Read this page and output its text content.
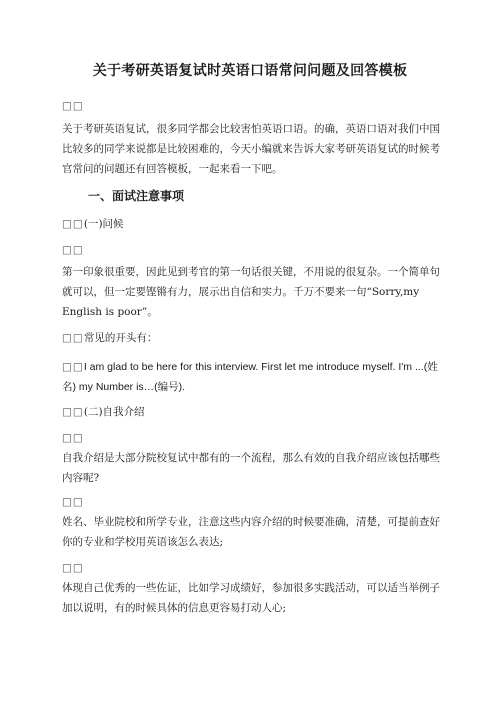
关于考研英语复试时英语口语常问问题及回答模板
□□
关于考研英语复试，很多同学都会比较害怕英语口语。的确，英语口语对我们中国比较多的同学来说都是比较困难的，今天小编就来告诉大家考研英语复试的时候考官常问的问题还有回答模板，一起来看一下吧。
一、面试注意事项
□□(一)问候
□□
第一印象很重要，因此见到考官的第一句话很关键，不用说的很复杂。一个简单句就可以，但一定要铿锵有力，展示出自信和实力。千万不要来一句“Sorry,my English is poor”。
□□常见的开头有：
□□I am glad to be here for this interview. First let me introduce myself. I'm ...(姓名) my Number is…(编号).
□□(二)自我介绍
□□
自我介绍是大部分院校复试中都有的一个流程，那么有效的自我介绍应该包括哪些内容呢?
□□
姓名、毕业院校和所学专业，注意这些内容介绍的时候要准确，清楚，可提前查好你的专业和学校用英语该怎么表达;
□□
体现自己优秀的一些佐证，比如学习成绩好，参加很多实践活动，可以适当举例子加以说明，有的时候具体的信息更容易打动人心;
